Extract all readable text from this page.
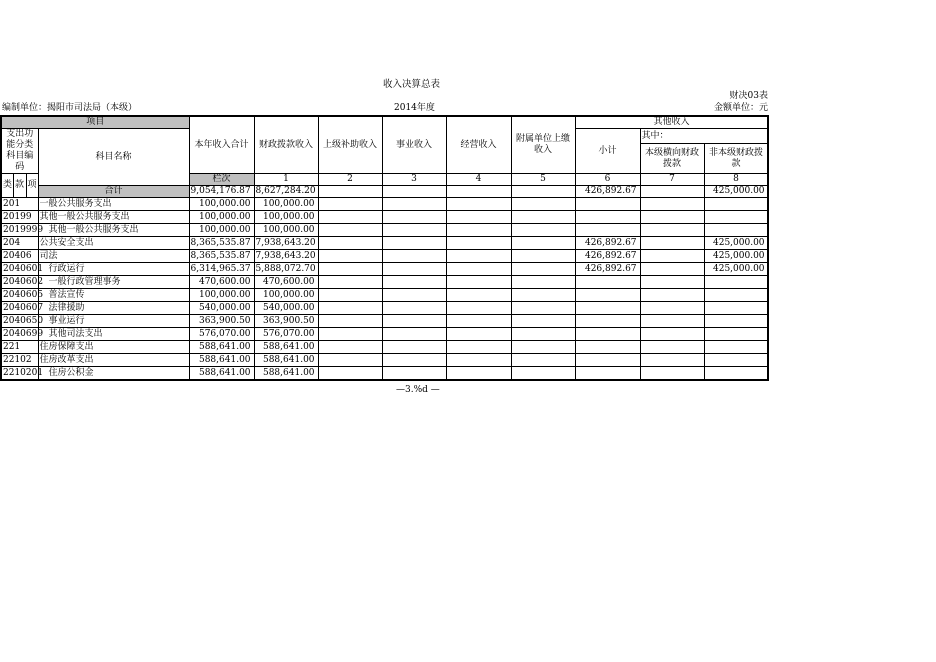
收入决算总表
财决03表
编制单位：揭阳市司法局（本级）	2014年度	金额单位：元
项目				本年收入合计	财政拨款收入	上级补助收入	事业收入	经营收入	附属单位上缴收入	其他收入			
支出功能分类科目编码			科目名称							小计	其中：		
											本级横向财政拨款	非本级财政拨款	
类	款	项		栏次	1	2	3	4	5	6	7	8	
			合计	9,054,176.87	8,627,284.20					426,892.67		425,000.00	
201			一般公共服务支出	100,000.00	100,000.00								
20199			其他一般公共服务支出	100,000.00	100,000.00								
2019999			　其他一般公共服务支出	100,000.00	100,000.00								
204			公共安全支出	8,365,535.87	7,938,643.20					426,892.67		425,000.00	
20406			司法	8,365,535.87	7,938,643.20					426,892.67		425,000.00	
2040601			　行政运行	6,314,965.37	5,888,072.70					426,892.67		425,000.00	
2040602			　一般行政管理事务	470,600.00	470,600.00								
2040605			　普法宣传	100,000.00	100,000.00								
2040607			　法律援助	540,000.00	540,000.00								
2040650			　事业运行	363,900.50	363,900.50								
2040699			　其他司法支出	576,070.00	576,070.00								
221			住房保障支出	588,641.00	588,641.00								
22102			住房改革支出	588,641.00	588,641.00								
2210201			　住房公积金	588,641.00	588,641.00								
—3.%d —
